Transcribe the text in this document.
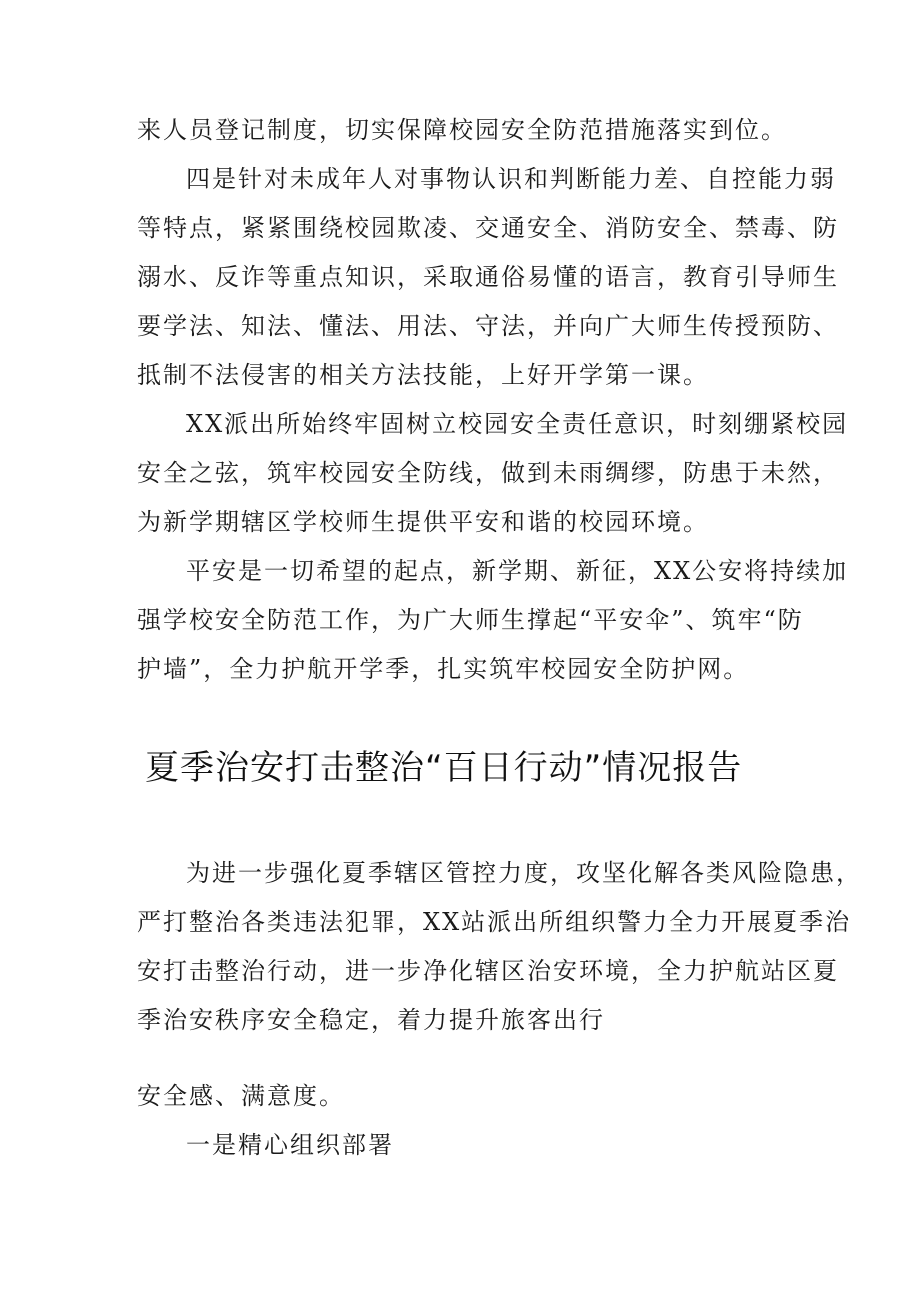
来人员登记制度，切实保障校园安全防范措施落实到位。
四是针对未成年人对事物认识和判断能力差、自控能力弱
等特点，紧紧围绕校园欺凌、交通安全、消防安全、禁毒、防
溺水、反诈等重点知识，采取通俗易懂的语言，教育引导师生
要学法、知法、懂法、用法、守法，并向广大师生传授预防、
抵制不法侵害的相关方法技能，上好开学第一课。
XX派出所始终牢固树立校园安全责任意识，时刻绷紧校园
安全之弦，筑牢校园安全防线，做到未雨绸缪，防患于未然，
为新学期辖区学校师生提供平安和谐的校园环境。
平安是一切希望的起点，新学期、新征，XX公安将持续加
强学校安全防范工作，为广大师生撑起“平安伞”、筑牢“防
护墙”，全力护航开学季，扎实筑牢校园安全防护网。
夏季治安打击整治“百日行动”情况报告
为进一步强化夏季辖区管控力度，攻坚化解各类风险隐患，
严打整治各类违法犯罪，XX站派出所组织警力全力开展夏季治
安打击整治行动，进一步净化辖区治安环境，全力护航站区夏
季治安秩序安全稳定，着力提升旅客出行
安全感、满意度。
一是精心组织部署
